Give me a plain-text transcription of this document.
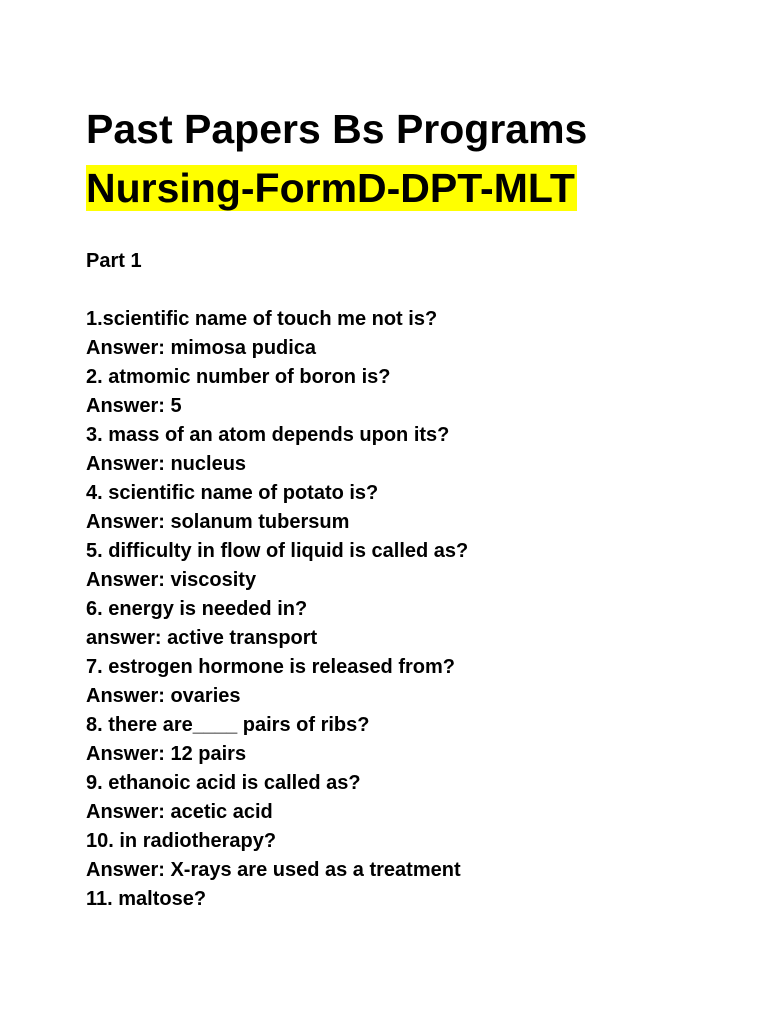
Past Papers Bs Programs
Nursing-FormD-DPT-MLT
Part 1
1.scientific name of touch me not is?
Answer: mimosa pudica
2. atmomic number of boron is?
Answer: 5
3. mass of an atom depends upon its?
Answer: nucleus
4. scientific name of potato is?
Answer: solanum tubersum
5. difficulty in flow of liquid is called as?
Answer: viscosity
6. energy is needed in?
answer: active transport
7. estrogen hormone is released from?
Answer: ovaries
8. there are____ pairs of ribs?
Answer: 12 pairs
9. ethanoic acid is called as?
Answer: acetic acid
10. in radiotherapy?
Answer: X-rays are used as a treatment
11. maltose?
